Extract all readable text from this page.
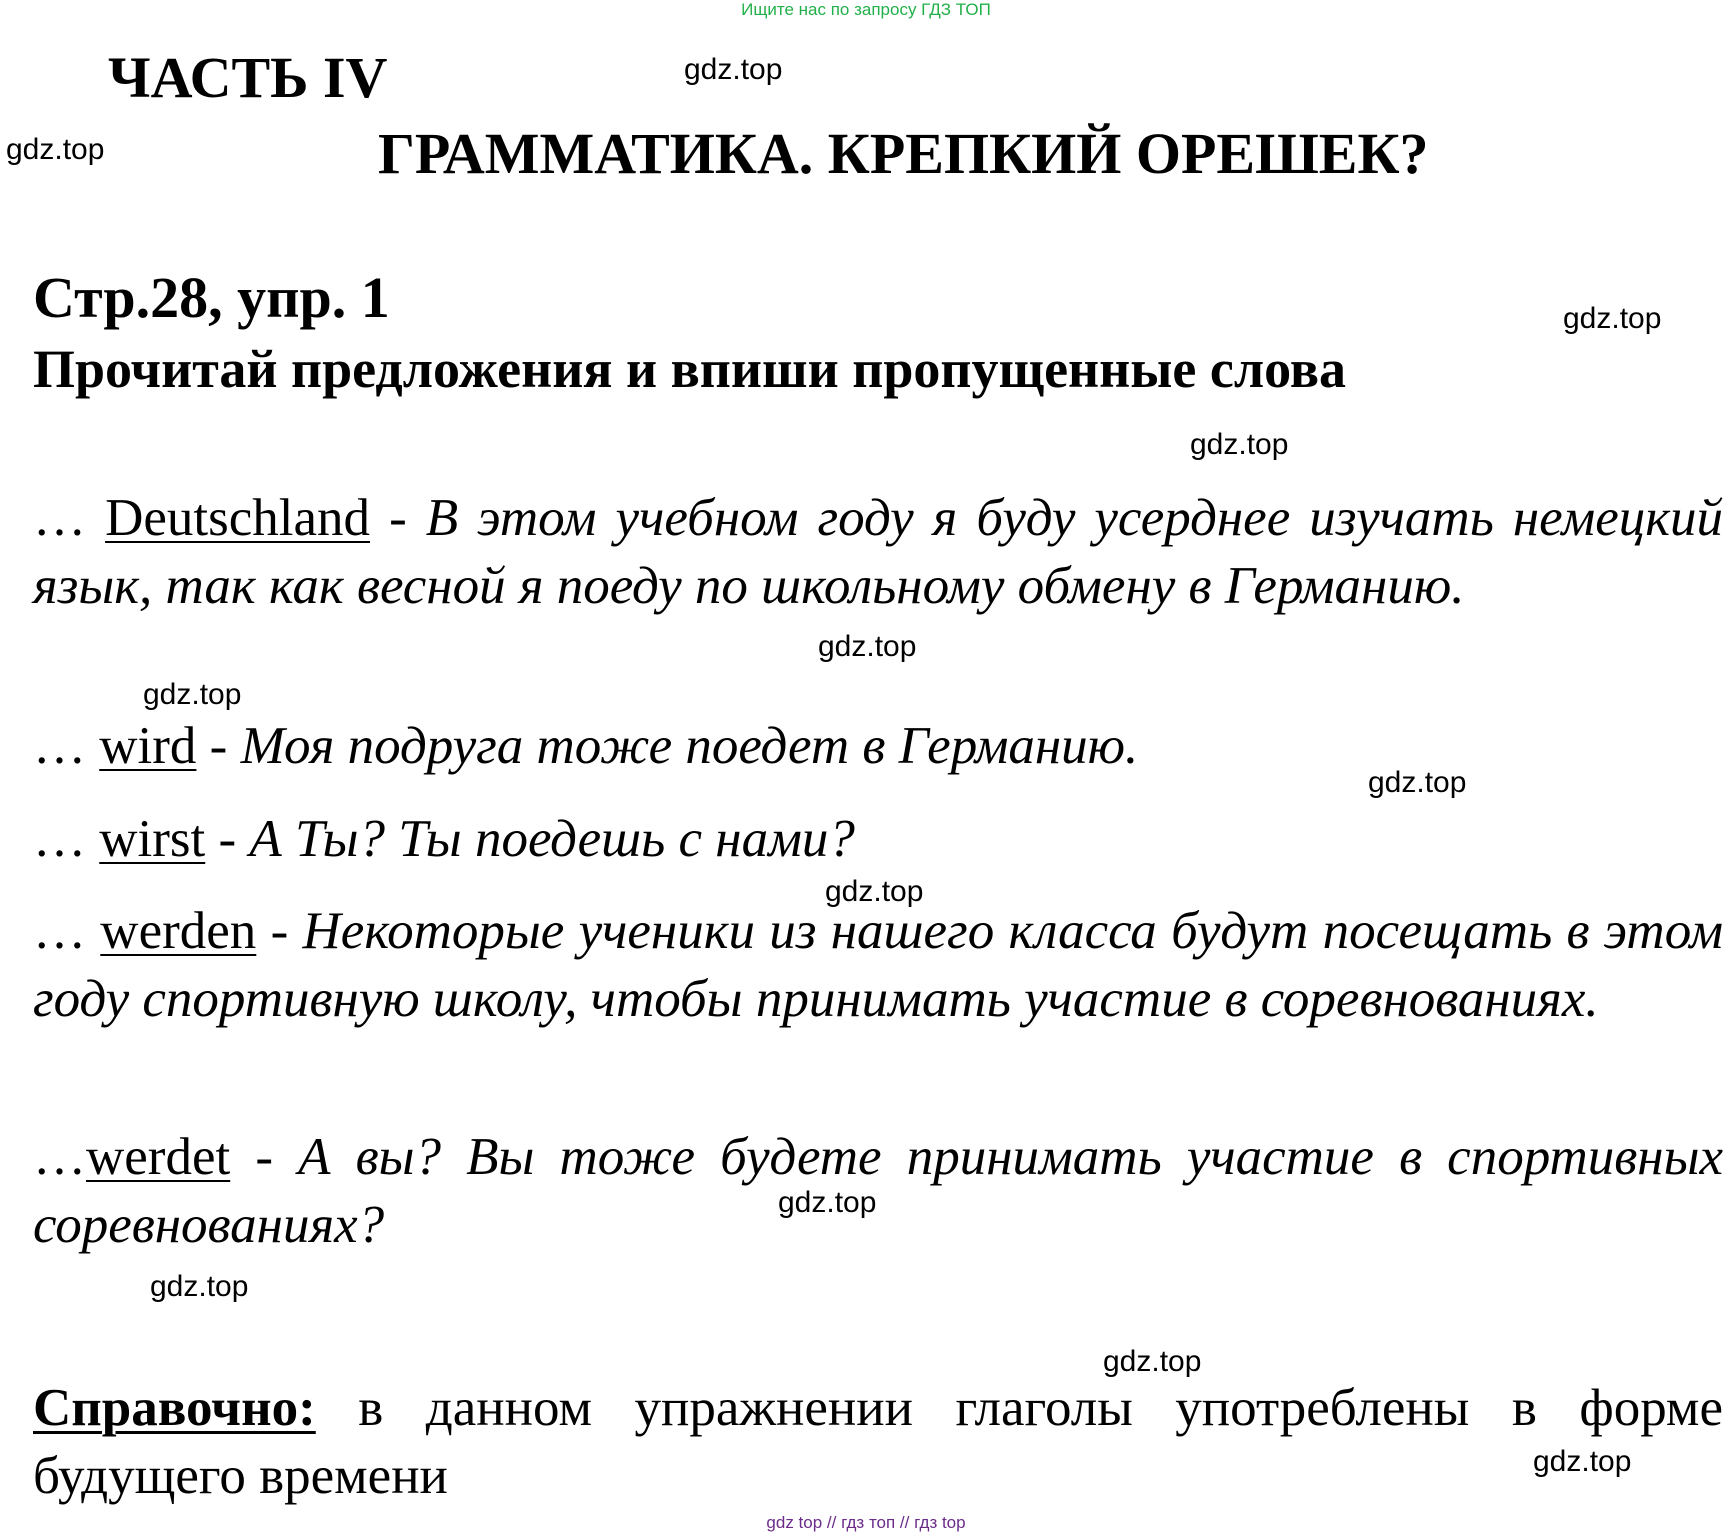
Ищите нас по запросу ГДЗ ТОП
ЧАСТЬ IV
ГРАММАТИКА. КРЕПКИЙ ОРЕШЕК?
Стр.28, упр. 1
Прочитай предложения и впиши пропущенные слова
… Deutschland - В этом учебном году я буду усерднее изучать немецкий язык, так как весной я поеду по школьному обмену в Германию.
… wird - Моя подруга тоже поедет в Германию.
… wirst - А Ты? Ты поедешь с нами?
… werden - Некоторые ученики из нашего класса будут посещать в этом году спортивную школу, чтобы принимать участие в соревнованиях.
…werdet - А вы? Вы тоже будете принимать участие в спортивных соревнованиях?
Справочно: в данном упражнении глаголы употреблены в форме будущего времени
gdz.top
gdz.top
gdz.top
gdz.top
gdz.top
gdz.top
gdz.top
gdz.top
gdz.top
gdz.top
gdz.top
gdz.top
gdz top // гдз топ // гдз top
